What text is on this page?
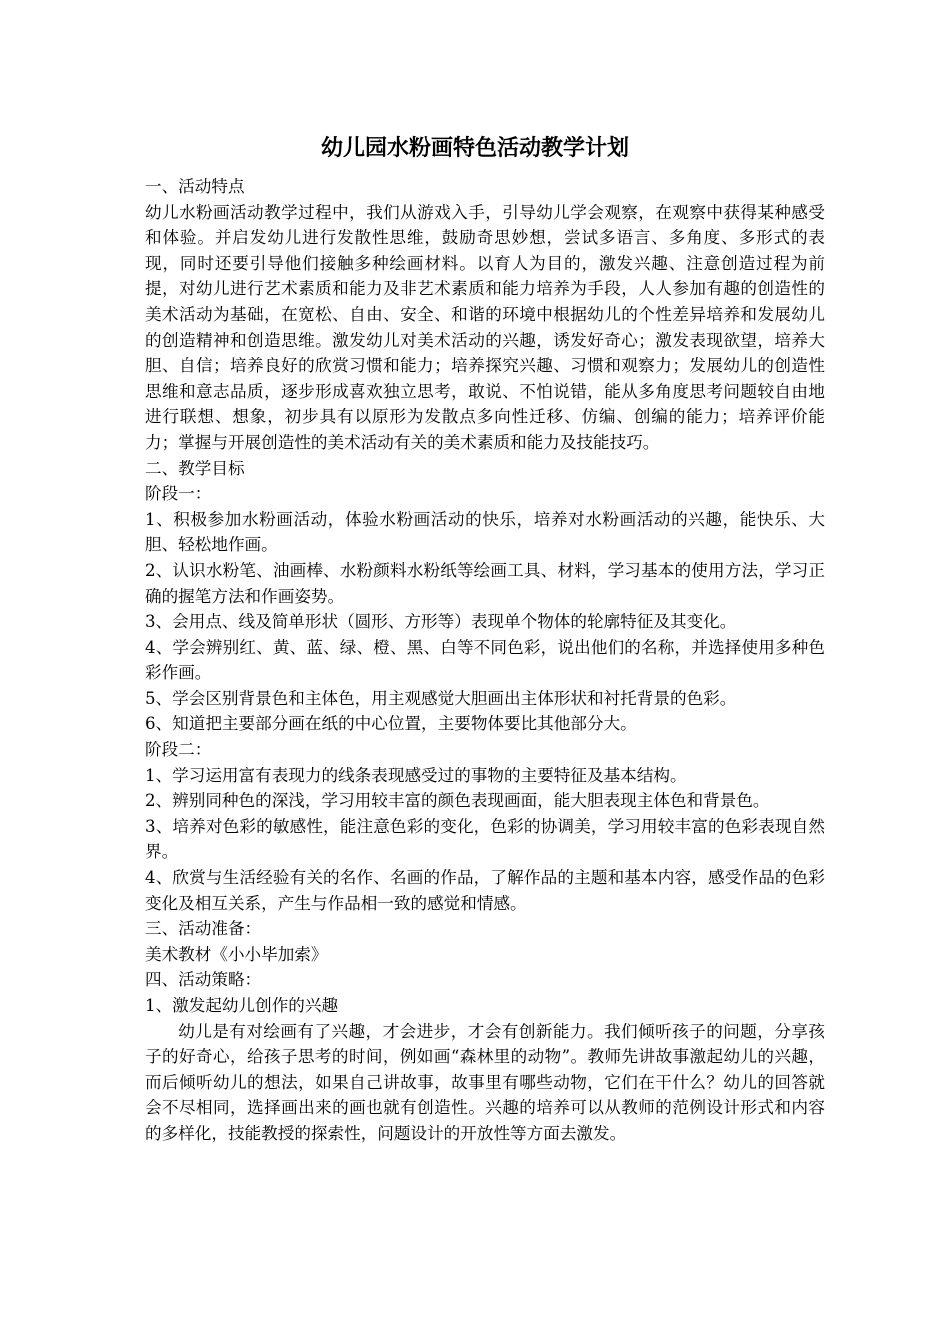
幼儿园水粉画特色活动教学计划

一、活动特点

幼儿水粉画活动教学过程中，我们从游戏入手，引导幼儿学会观察，在观察中获得某种感受和体验。并启发幼儿进行发散性思维，鼓励奇思妙想，尝试多语言、多角度、多形式的表现，同时还要引导他们接触多种绘画材料。以育人为目的，激发兴趣、注意创造过程为前提，对幼儿进行艺术素质和能力及非艺术素质和能力培养为手段，人人参加有趣的创造性的美术活动为基础，在宽松、自由、安全、和谐的环境中根据幼儿的个性差异培养和发展幼儿的创造精神和创造思维。激发幼儿对美术活动的兴趣，诱发好奇心；激发表现欲望，培养大胆、自信；培养良好的欣赏习惯和能力；培养探究兴趣、习惯和观察力；发展幼儿的创造性思维和意志品质，逐步形成喜欢独立思考，敢说、不怕说错，能从多角度思考问题较自由地进行联想、想象，初步具有以原形为发散点多向性迁移、仿编、创编的能力；培养评价能力；掌握与开展创造性的美术活动有关的美术素质和能力及技能技巧。

二、教学目标

阶段一：

1、积极参加水粉画活动，体验水粉画活动的快乐，培养对水粉画活动的兴趣，能快乐、大胆、轻松地作画。

2、认识水粉笔、油画棒、水粉颜料水粉纸等绘画工具、材料，学习基本的使用方法，学习正确的握笔方法和作画姿势。

3、会用点、线及简单形状（圆形、方形等）表现单个物体的轮廓特征及其变化。

4、学会辨别红、黄、蓝、绿、橙、黑、白等不同色彩，说出他们的名称，并选择使用多种色彩作画。

5、学会区别背景色和主体色，用主观感觉大胆画出主体形状和衬托背景的色彩。

6、知道把主要部分画在纸的中心位置，主要物体要比其他部分大。

阶段二：

1、学习运用富有表现力的线条表现感受过的事物的主要特征及基本结构。

2、辨别同种色的深浅，学习用较丰富的颜色表现画面，能大胆表现主体色和背景色。

3、培养对色彩的敏感性，能注意色彩的变化，色彩的协调美，学习用较丰富的色彩表现自然界。

4、欣赏与生活经验有关的名作、名画的作品，了解作品的主题和基本内容，感受作品的色彩变化及相互关系，产生与作品相一致的感觉和情感。

三、活动准备：

美术教材《小小毕加索》

四、活动策略：

1、激发起幼儿创作的兴趣

幼儿是有对绘画有了兴趣，才会进步，才会有创新能力。我们倾听孩子的问题，分享孩子的好奇心，给孩子思考的时间，例如画“森林里的动物”。教师先讲故事激起幼儿的兴趣，而后倾听幼儿的想法，如果自己讲故事，故事里有哪些动物，它们在干什么？幼儿的回答就会不尽相同，选择画出来的画也就有创造性。兴趣的培养可以从教师的范例设计形式和内容的多样化，技能教授的探索性，问题设计的开放性等方面去激发。
